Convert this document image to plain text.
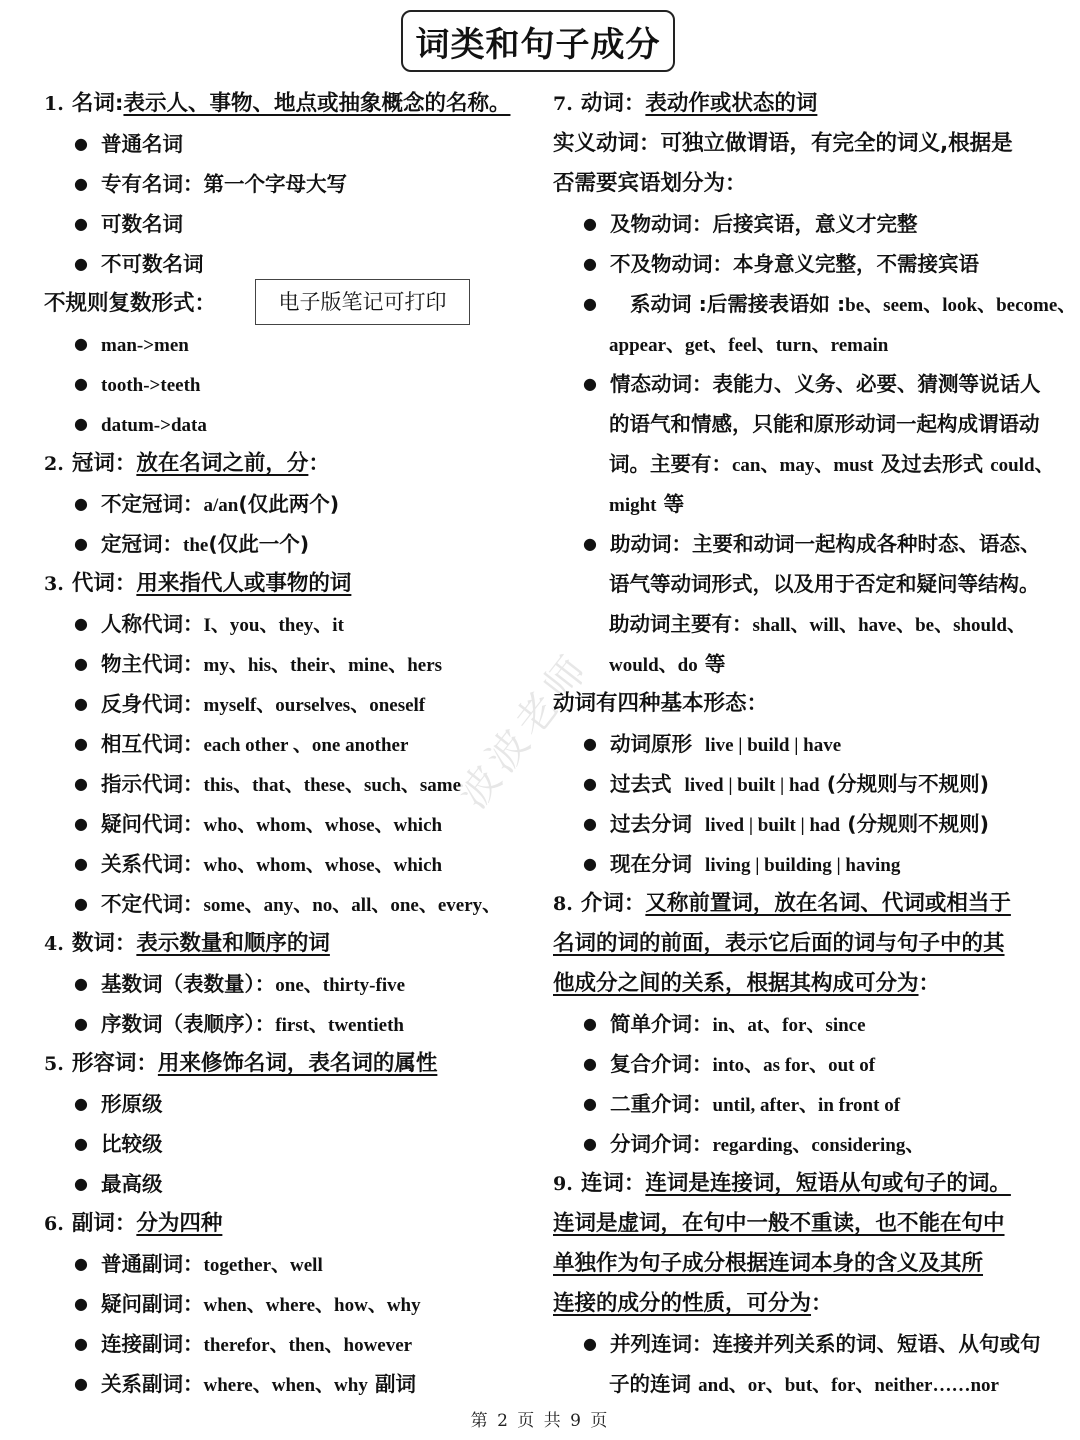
词类和句子成分
波波老师
电子版笔记可打印
1. 名词:表示人、事物、地点或抽象概念的名称。
● 普通名词
● 专有名词：第一个字母大写
● 可数名词
● 不可数名词
不规则复数形式：
● man->men
● tooth->teeth
● datum->data
2. 冠词：放在名词之前，分：
● 不定冠词：a/an(仅此两个)
● 定冠词：the(仅此一个)
3. 代词：用来指代人或事物的词
● 人称代词：I、you、they、it
● 物主代词：my、his、their、mine、hers
● 反身代词：myself、ourselves、oneself
● 相互代词：each other 、one another
● 指示代词：this、that、these、such、same
● 疑问代词：who、whom、whose、which
● 关系代词：who、whom、whose、which
● 不定代词：some、any、no、all、one、every、
4. 数词：表示数量和顺序的词
● 基数词（表数量）：one、thirty-five
● 序数词（表顺序）：first、twentieth
5. 形容词：用来修饰名词，表名词的属性
● 形原级
● 比较级
● 最高级
6. 副词：分为四种
● 普通副词：together、well
● 疑问副词：when、where、how、why
● 连接副词：therefor、then、however
● 关系副词：where、when、why 副词
7. 动词：表动作或状态的词
实义动词：可独立做谓语，有完全的词义,根据是
否需要宾语划分为：
● 及物动词：后接宾语，意义才完整
● 不及物动词：本身意义完整，不需接宾语
● 系动词 :后需接表语如 :be、seem、look、become、
appear、get、feel、turn、remain
● 情态动词：表能力、义务、必要、猜测等说话人
的语气和情感，只能和原形动词一起构成谓语动
词。主要有：can、may、must 及过去形式 could、
might 等
● 助动词：主要和动词一起构成各种时态、语态、
语气等动词形式，以及用于否定和疑问等结构。
助动词主要有：shall、will、have、be、should、
would、do 等
动词有四种基本形态：
● 动词原形 live | build | have
● 过去式 lived | built | had (分规则与不规则)
● 过去分词 lived | built | had (分规则不规则)
● 现在分词 living | building | having
8. 介词：又称前置词，放在名词、代词或相当于
名词的词的前面，表示它后面的词与句子中的其
他成分之间的关系，根据其构成可分为：
● 简单介词：in、at、for、since
● 复合介词：into、as for、out of
● 二重介词：until, after、in front of
● 分词介词：regarding、considering、
9. 连词：连词是连接词，短语从句或句子的词。
连词是虚词，在句中一般不重读，也不能在句中
单独作为句子成分根据连词本身的含义及其所
连接的成分的性质，可分为：
● 并列连词：连接并列关系的词、短语、从句或句
子的连词 and、or、but、for、neither……nor
第 2 页 共 9 页
